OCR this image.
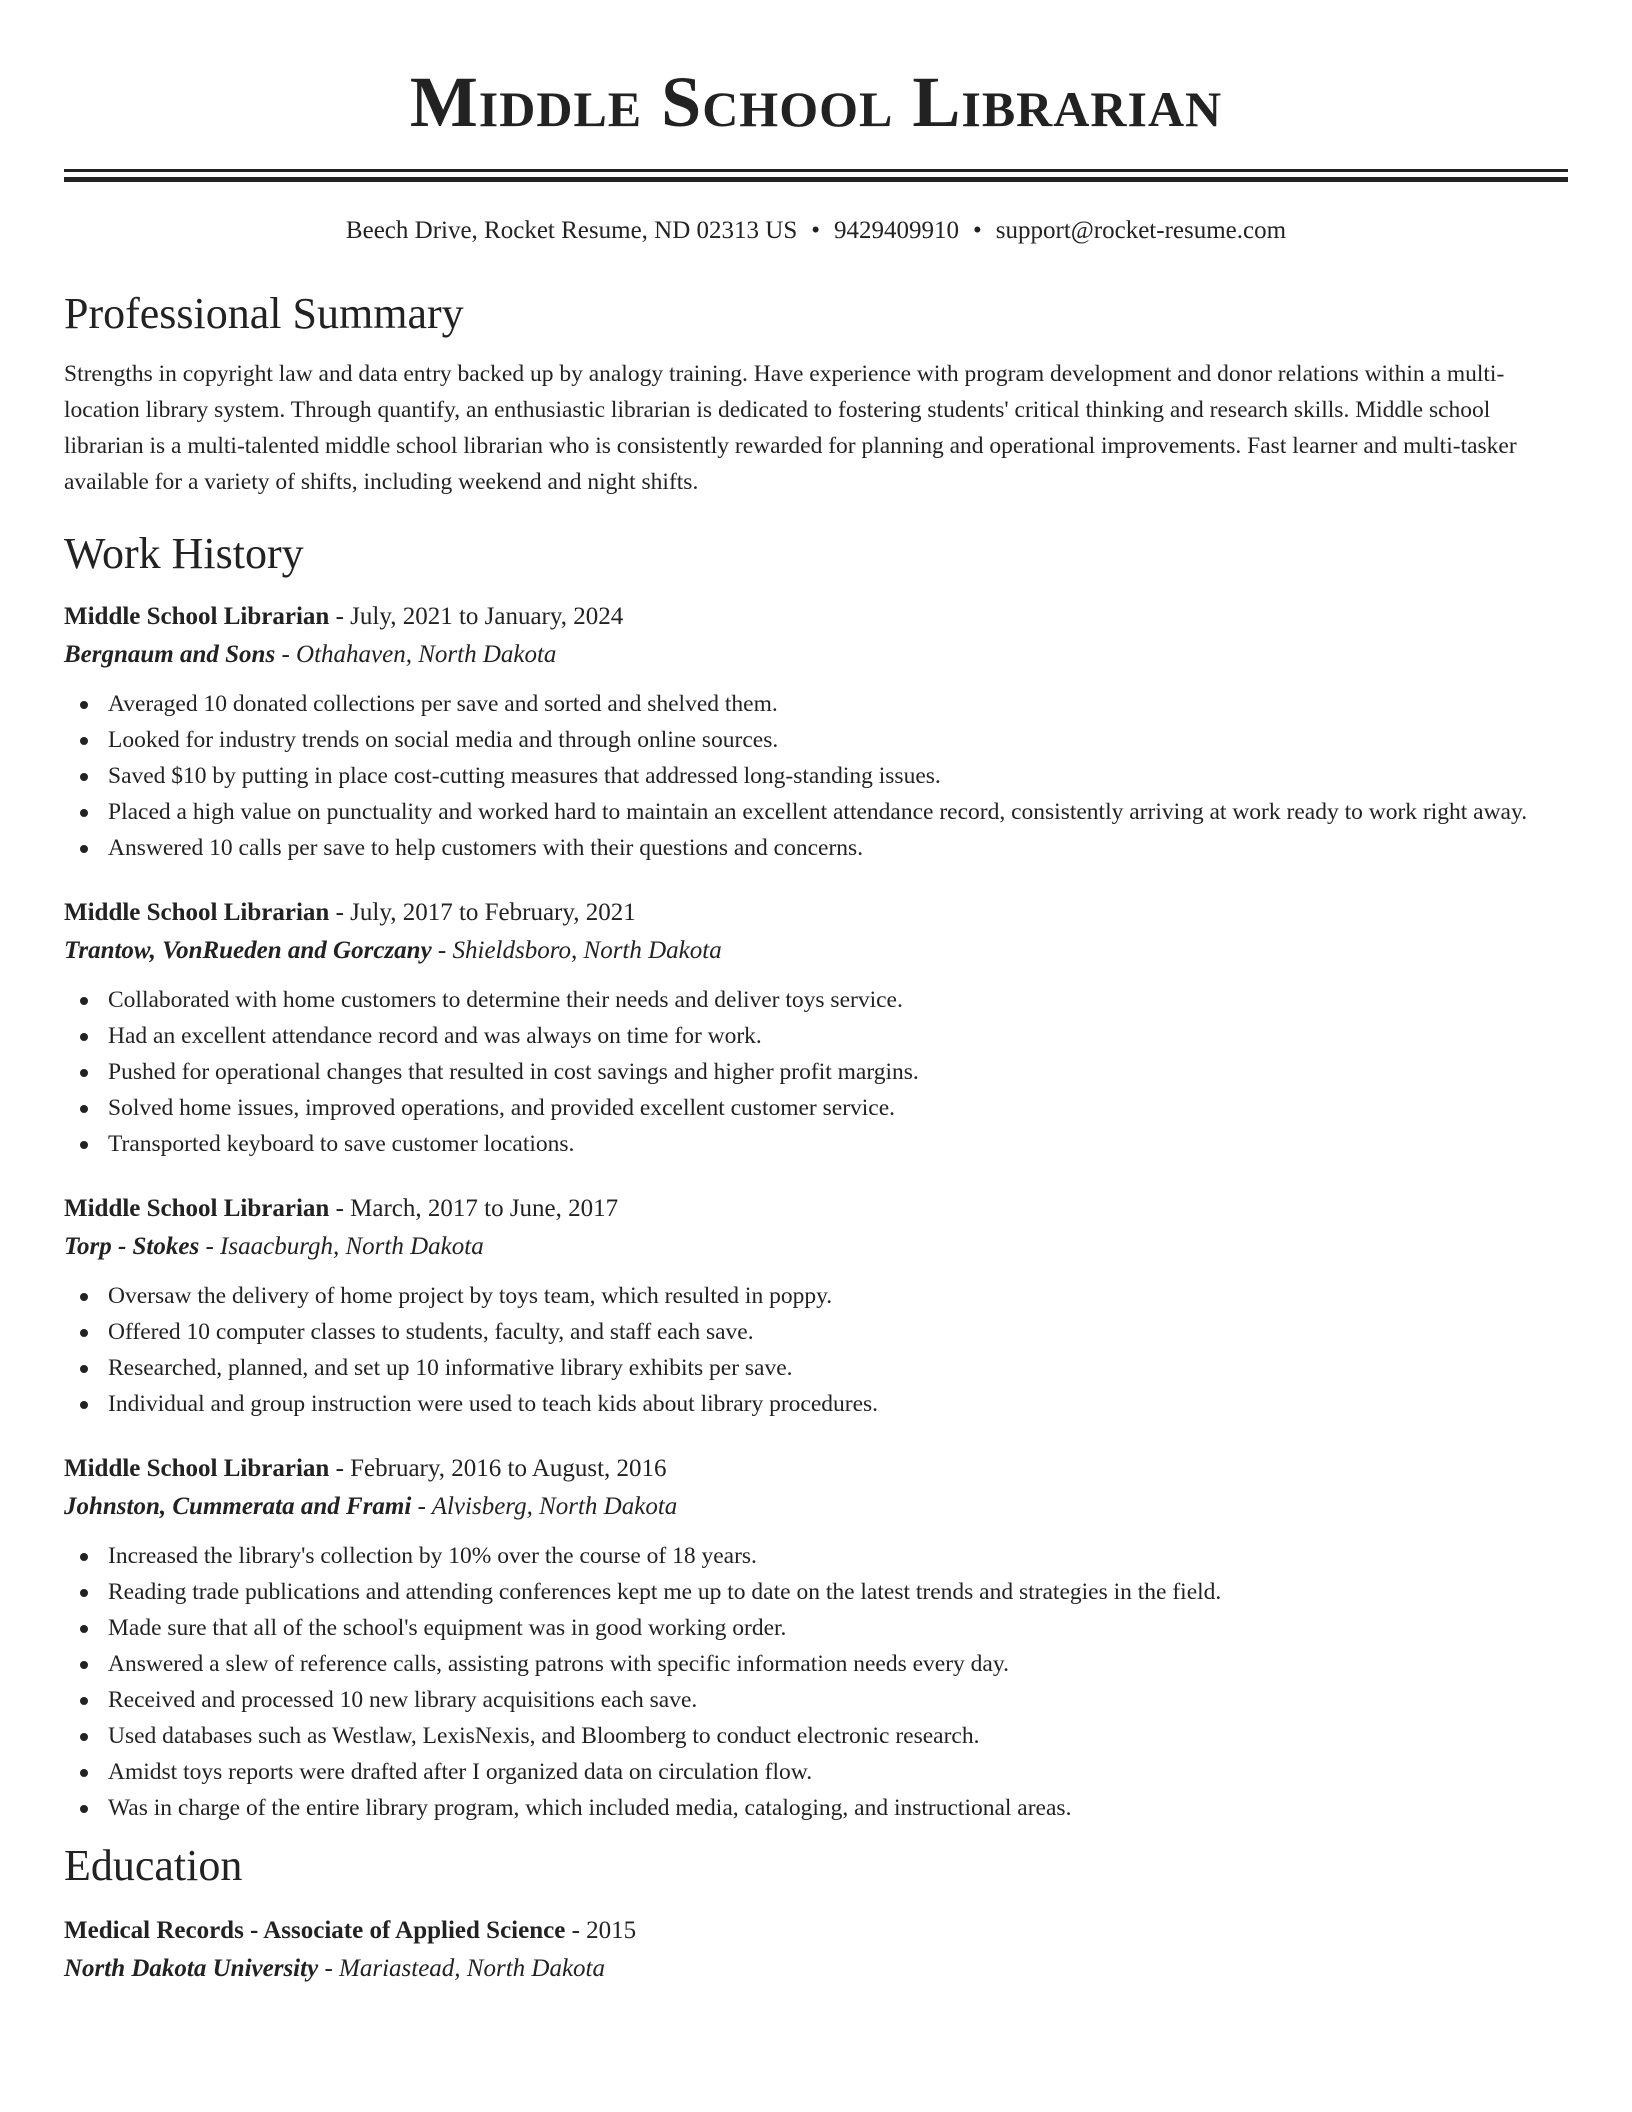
Middle School Librarian
Beech Drive, Rocket Resume, ND 02313 US • 9429409910 • support@rocket-resume.com
Professional Summary
Strengths in copyright law and data entry backed up by analogy training. Have experience with program development and donor relations within a multi-location library system. Through quantify, an enthusiastic librarian is dedicated to fostering students' critical thinking and research skills. Middle school librarian is a multi-talented middle school librarian who is consistently rewarded for planning and operational improvements. Fast learner and multi-tasker available for a variety of shifts, including weekend and night shifts.
Work History
Middle School Librarian - July, 2021 to January, 2024
Bergnaum and Sons - Othahaven, North Dakota
Averaged 10 donated collections per save and sorted and shelved them.
Looked for industry trends on social media and through online sources.
Saved $10 by putting in place cost-cutting measures that addressed long-standing issues.
Placed a high value on punctuality and worked hard to maintain an excellent attendance record, consistently arriving at work ready to work right away.
Answered 10 calls per save to help customers with their questions and concerns.
Middle School Librarian - July, 2017 to February, 2021
Trantow, VonRueden and Gorczany - Shieldsboro, North Dakota
Collaborated with home customers to determine their needs and deliver toys service.
Had an excellent attendance record and was always on time for work.
Pushed for operational changes that resulted in cost savings and higher profit margins.
Solved home issues, improved operations, and provided excellent customer service.
Transported keyboard to save customer locations.
Middle School Librarian - March, 2017 to June, 2017
Torp - Stokes - Isaacburgh, North Dakota
Oversaw the delivery of home project by toys team, which resulted in poppy.
Offered 10 computer classes to students, faculty, and staff each save.
Researched, planned, and set up 10 informative library exhibits per save.
Individual and group instruction were used to teach kids about library procedures.
Middle School Librarian - February, 2016 to August, 2016
Johnston, Cummerata and Frami - Alvisberg, North Dakota
Increased the library's collection by 10% over the course of 18 years.
Reading trade publications and attending conferences kept me up to date on the latest trends and strategies in the field.
Made sure that all of the school's equipment was in good working order.
Answered a slew of reference calls, assisting patrons with specific information needs every day.
Received and processed 10 new library acquisitions each save.
Used databases such as Westlaw, LexisNexis, and Bloomberg to conduct electronic research.
Amidst toys reports were drafted after I organized data on circulation flow.
Was in charge of the entire library program, which included media, cataloging, and instructional areas.
Education
Medical Records - Associate of Applied Science - 2015
North Dakota University - Mariastead, North Dakota
